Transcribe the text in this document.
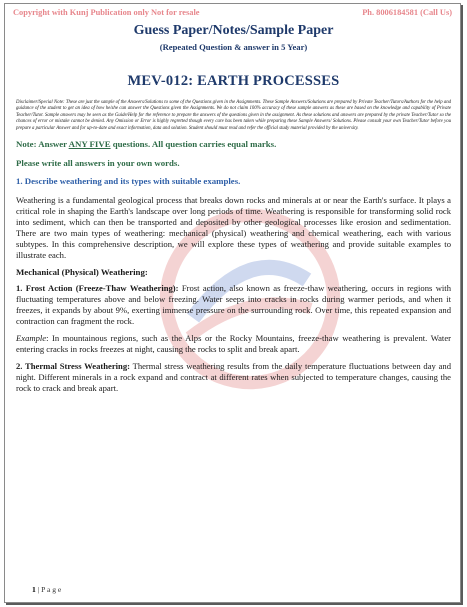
Copyright with Kunj Publication only Not for resale	Ph. 8006184581 (Call Us)
Guess Paper/Notes/Sample Paper
(Repeated Question & answer in 5 Year)
MEV-012: EARTH PROCESSES
Disclaimer/Special Note: These are just the sample of the Answers/Solutions to some of the Questions given in the Assignments. These Sample Answers/Solutions are prepared by Private Teacher/Tutors/Authors for the help and guidance of the student to get an idea of how he/she can answer the Questions given the Assignments. We do not claim 100% accuracy of these sample answers as these are based on the knowledge and capability of Private Teacher/Tutor. Sample answers may be seen as the Guide/Help for the reference to prepare the answers of the questions given in the assignment. As these solutions and answers are prepared by the private Teacher/Tutor so the chances of error or mistake cannot be denied. Any Omission or Error is highly regretted though every care has been taken while preparing these Sample Answers/ Solutions. Please consult your own Teacher/Tutor before you prepare a particular Answer and for up-to-date and exact information, data and solution. Student should must read and refer the official study material provided by the university.
Note: Answer ANY FIVE questions. All question carries equal marks.
Please write all answers in your own words.
1. Describe weathering and its types with suitable examples.

Weathering is a fundamental geological process that breaks down rocks and minerals at or near the Earth's surface. It plays a critical role in shaping the Earth's landscape over long periods of time. Weathering is responsible for transforming solid rock into sediment, which can then be transported and deposited by other geological processes like erosion and sedimentation. There are two main types of weathering: mechanical (physical) weathering and chemical weathering, each with various subtypes. In this comprehensive description, we will explore these types of weathering and provide suitable examples to illustrate each.

Mechanical (Physical) Weathering:

1. Frost Action (Freeze-Thaw Weathering): Frost action, also known as freeze-thaw weathering, occurs in regions with fluctuating temperatures above and below freezing. Water seeps into cracks in rocks during warmer periods, and when it freezes, it expands by about 9%, exerting immense pressure on the surrounding rock. Over time, this repeated expansion and contraction can fragment the rock.

Example: In mountainous regions, such as the Alps or the Rocky Mountains, freeze-thaw weathering is prevalent. Water entering cracks in rocks freezes at night, causing the rocks to split and break apart.

2. Thermal Stress Weathering: Thermal stress weathering results from the daily temperature fluctuations between day and night. Different minerals in a rock expand and contract at different rates when subjected to temperature changes, causing the rock to crack and break apart.

1 | P a g e
